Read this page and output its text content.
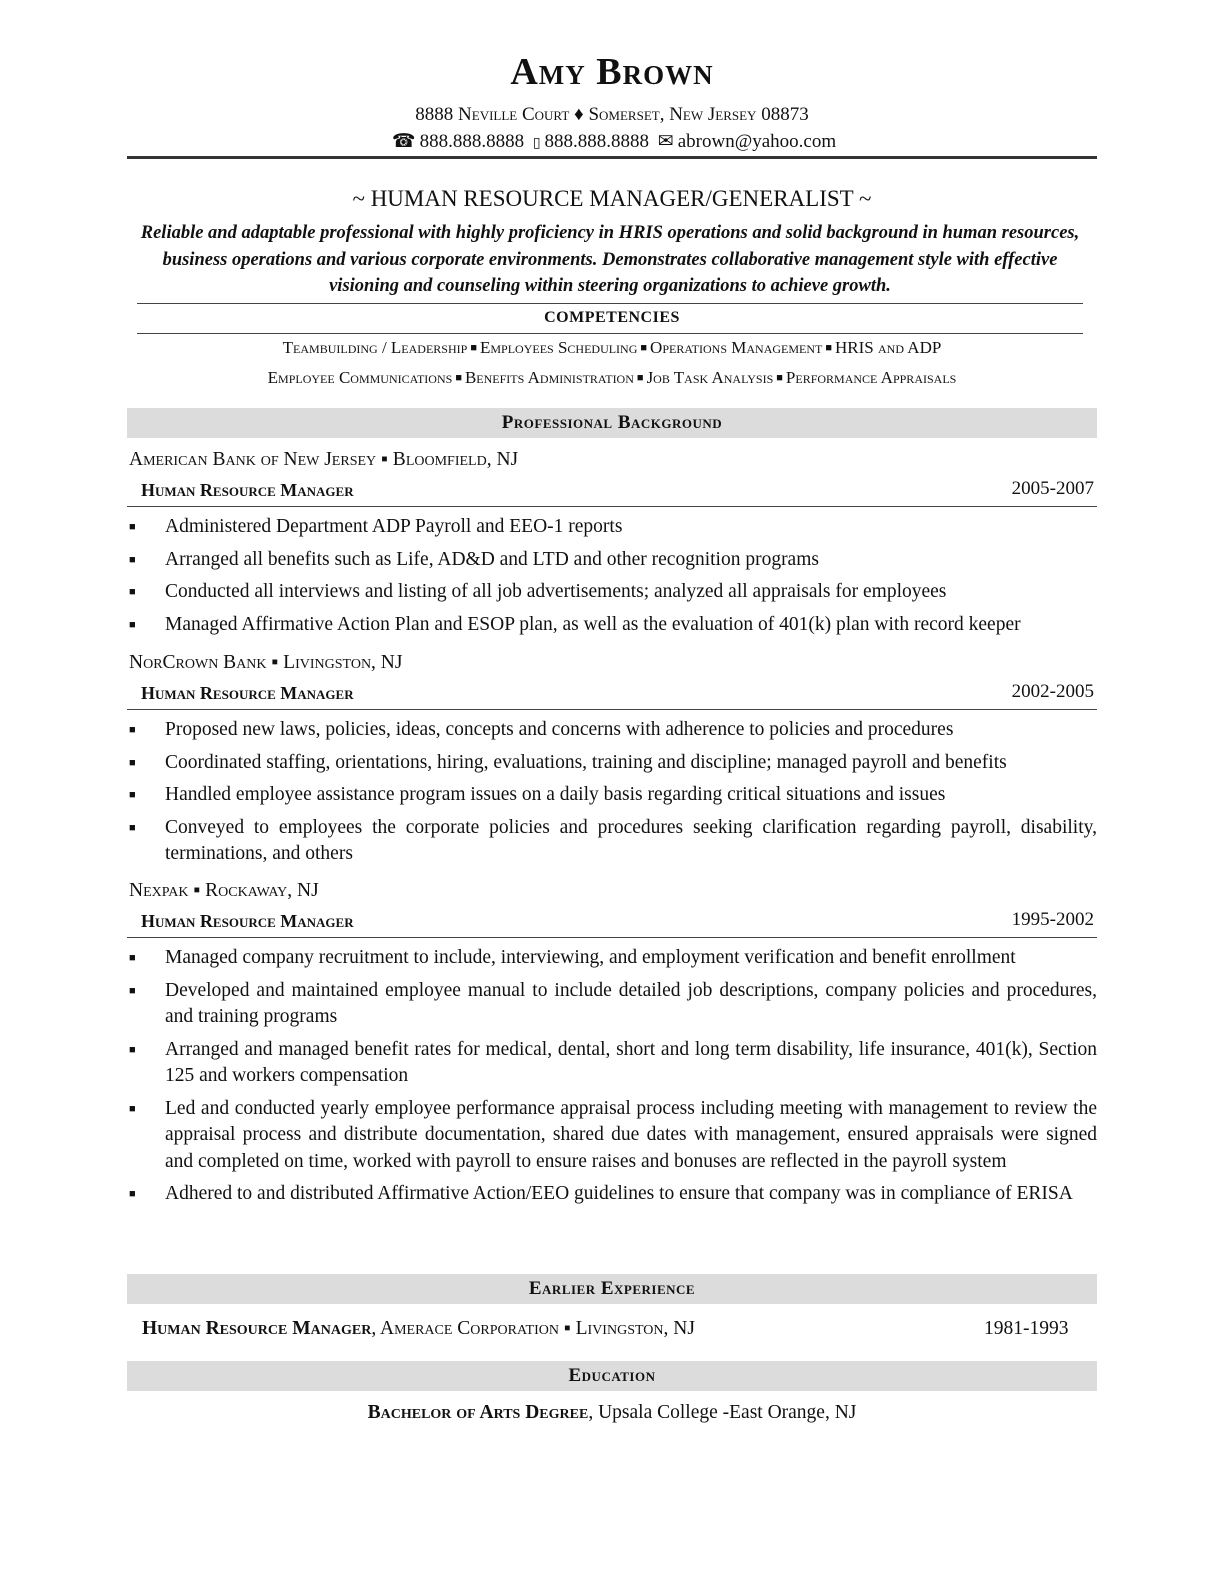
Amy Brown
8888 Neville Court ♦ Somerset, New Jersey 08873
☎ 888.888.8888 ▯ 888.888.8888 ✉ abrown@yahoo.com
~ HUMAN RESOURCE MANAGER/GENERALIST ~
Reliable and adaptable professional with highly proficiency in HRIS operations and solid background in human resources, business operations and various corporate environments. Demonstrates collaborative management style with effective visioning and counseling within steering organizations to achieve growth.
COMPETENCIES
Teambuilding / Leadership ■ Employees Scheduling ■ Operations Management ■ HRIS and ADP
Employee Communications ■ Benefits Administration ■ Job Task Analysis ■ Performance Appraisals
Professional Background
American Bank of New Jersey ▪ Bloomfield, NJ
Human Resource Manager	2005-2007
■ Administered Department ADP Payroll and EEO-1 reports
■ Arranged all benefits such as Life, AD&D and LTD and other recognition programs
■ Conducted all interviews and listing of all job advertisements; analyzed all appraisals for employees
■ Managed Affirmative Action Plan and ESOP plan, as well as the evaluation of 401(k) plan with record keeper
NorCrown Bank ▪ Livingston, NJ
Human Resource Manager	2002-2005
■ Proposed new laws, policies, ideas, concepts and concerns with adherence to policies and procedures
■ Coordinated staffing, orientations, hiring, evaluations, training and discipline; managed payroll and benefits
■ Handled employee assistance program issues on a daily basis regarding critical situations and issues
■ Conveyed to employees the corporate policies and procedures seeking clarification regarding payroll, disability, terminations, and others
Nexpak ▪ Rockaway, NJ
Human Resource Manager	1995-2002
■ Managed company recruitment to include, interviewing, and employment verification and benefit enrollment
■ Developed and maintained employee manual to include detailed job descriptions, company policies and procedures, and training programs
■ Arranged and managed benefit rates for medical, dental, short and long term disability, life insurance, 401(k), Section 125 and workers compensation
■ Led and conducted yearly employee performance appraisal process including meeting with management to review the appraisal process and distribute documentation, shared due dates with management, ensured appraisals were signed and completed on time, worked with payroll to ensure raises and bonuses are reflected in the payroll system
■ Adhered to and distributed Affirmative Action/EEO guidelines to ensure that company was in compliance of ERISA
Earlier Experience
Human Resource Manager, Amerace Corporation ▪ Livingston, NJ	1981-1993
Education
Bachelor of Arts Degree, Upsala College -East Orange, NJ
